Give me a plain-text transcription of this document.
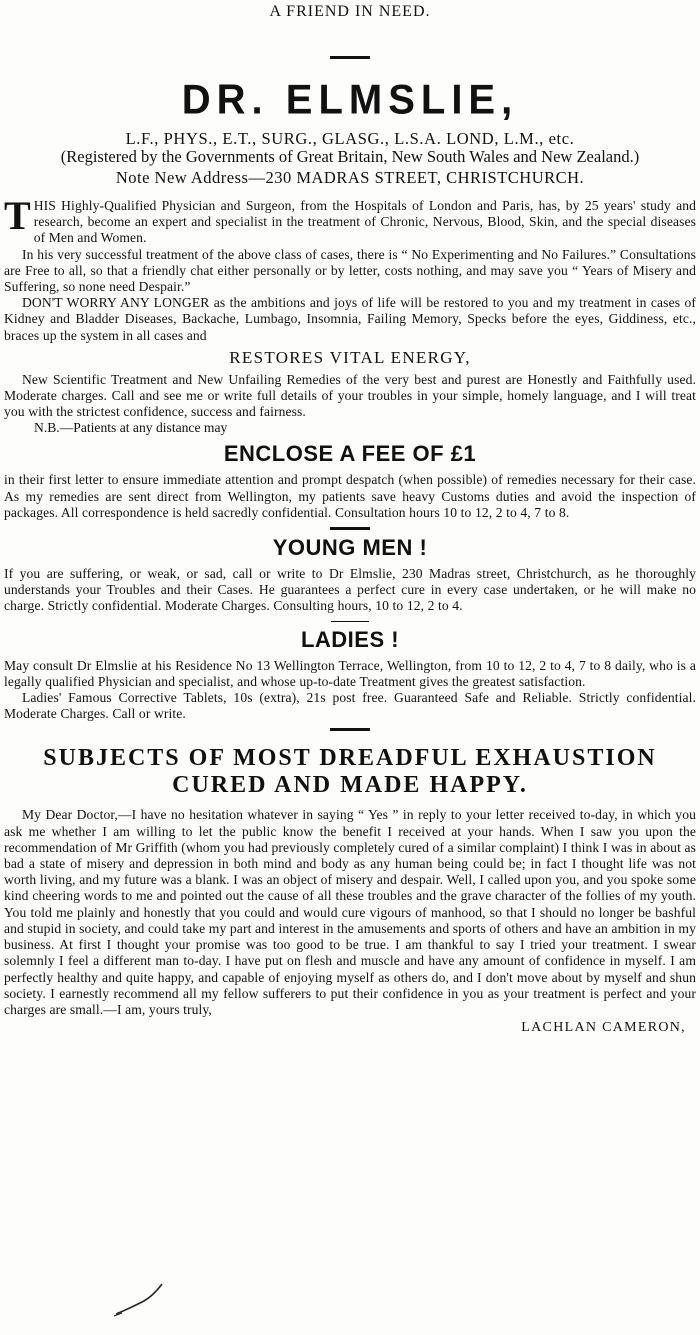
A FRIEND IN NEED.

DR. ELMSLIE,

L.F., PHYS., E.T., SURG., GLASG., L.S.A. LOND, L.M., etc.

(Registered by the Governments of Great Britain, New South Wales and New Zealand.)

Note New Address—230 MADRAS STREET, CHRISTCHURCH.

T HIS Highly-Qualified Physician and Surgeon, from the Hospitals of London and Paris, has, by 25 years' study and research, become an expert and specialist in the treatment of Chronic, Nervous, Blood, Skin, and the special diseases of Men and Women.

In his very successful treatment of the above class of cases, there is “ No Experimenting and No Failures.” Consultations are Free to all, so that a friendly chat either personally or by letter, costs nothing, and may save you “ Years of Misery and Suffering, so none need Despair.”

DON'T WORRY ANY LONGER as the ambitions and joys of life will be restored to you and my treatment in cases of Kidney and Bladder Diseases, Backache, Lumbago, Insomnia, Failing Memory, Specks before the eyes, Giddiness, etc., braces up the system in all cases and

RESTORES VITAL ENERGY,

New Scientific Treatment and New Unfailing Remedies of the very best and purest are Honestly and Faithfully used. Moderate charges. Call and see me or write full details of your troubles in your simple, homely language, and I will treat you with the strictest confidence, success and fairness.

N.B.—Patients at any distance may

ENCLOSE A FEE OF £1

in their first letter to ensure immediate attention and prompt despatch (when possible) of remedies necessary for their case. As my remedies are sent direct from Wellington, my patients save heavy Customs duties and avoid the inspection of packages. All correspondence is held sacredly confidential. Consultation hours 10 to 12, 2 to 4, 7 to 8.

YOUNG MEN !

If you are suffering, or weak, or sad, call or write to Dr Elmslie, 230 Madras street, Christchurch, as he thoroughly understands your Troubles and their Cases. He guarantees a perfect cure in every case undertaken, or he will make no charge. Strictly confidential. Moderate Charges. Consulting hours, 10 to 12, 2 to 4.

LADIES !

May consult Dr Elmslie at his Residence No 13 Wellington Terrace, Wellington, from 10 to 12, 2 to 4, 7 to 8 daily, who is a legally qualified Physician and specialist, and whose up-to-date Treatment gives the greatest satisfaction.

Ladies' Famous Corrective Tablets, 10s (extra), 21s post free. Guaranteed Safe and Reliable. Strictly confidential. Moderate Charges. Call or write.

SUBJECTS OF MOST DREADFUL EXHAUSTION
CURED AND MADE HAPPY.

My Dear Doctor,—I have no hesitation whatever in saying “ Yes ” in reply to your letter received to-day, in which you ask me whether I am willing to let the public know the benefit I received at your hands. When I saw you upon the recommendation of Mr Griffith (whom you had previously completely cured of a similar complaint) I think I was in about as bad a state of misery and depression in both mind and body as any human being could be; in fact I thought life was not worth living, and my future was a blank. I was an object of misery and despair. Well, I called upon you, and you spoke some kind cheering words to me and pointed out the cause of all these troubles and the grave character of the follies of my youth. You told me plainly and honestly that you could and would cure vigours of manhood, so that I should no longer be bashful and stupid in society, and could take my part and interest in the amusements and sports of others and have an ambition in my business. At first I thought your promise was too good to be true. I am thankful to say I tried your treatment. I swear solemnly I feel a different man to-day. I have put on flesh and muscle and have any amount of confidence in myself. I am perfectly healthy and quite happy, and capable of enjoying myself as others do, and I don't move about by myself and shun society. I earnestly recommend all my fellow sufferers to put their confidence in you as your treatment is perfect and your charges are small.—I am, yours truly,

LACHLAN CAMERON,
